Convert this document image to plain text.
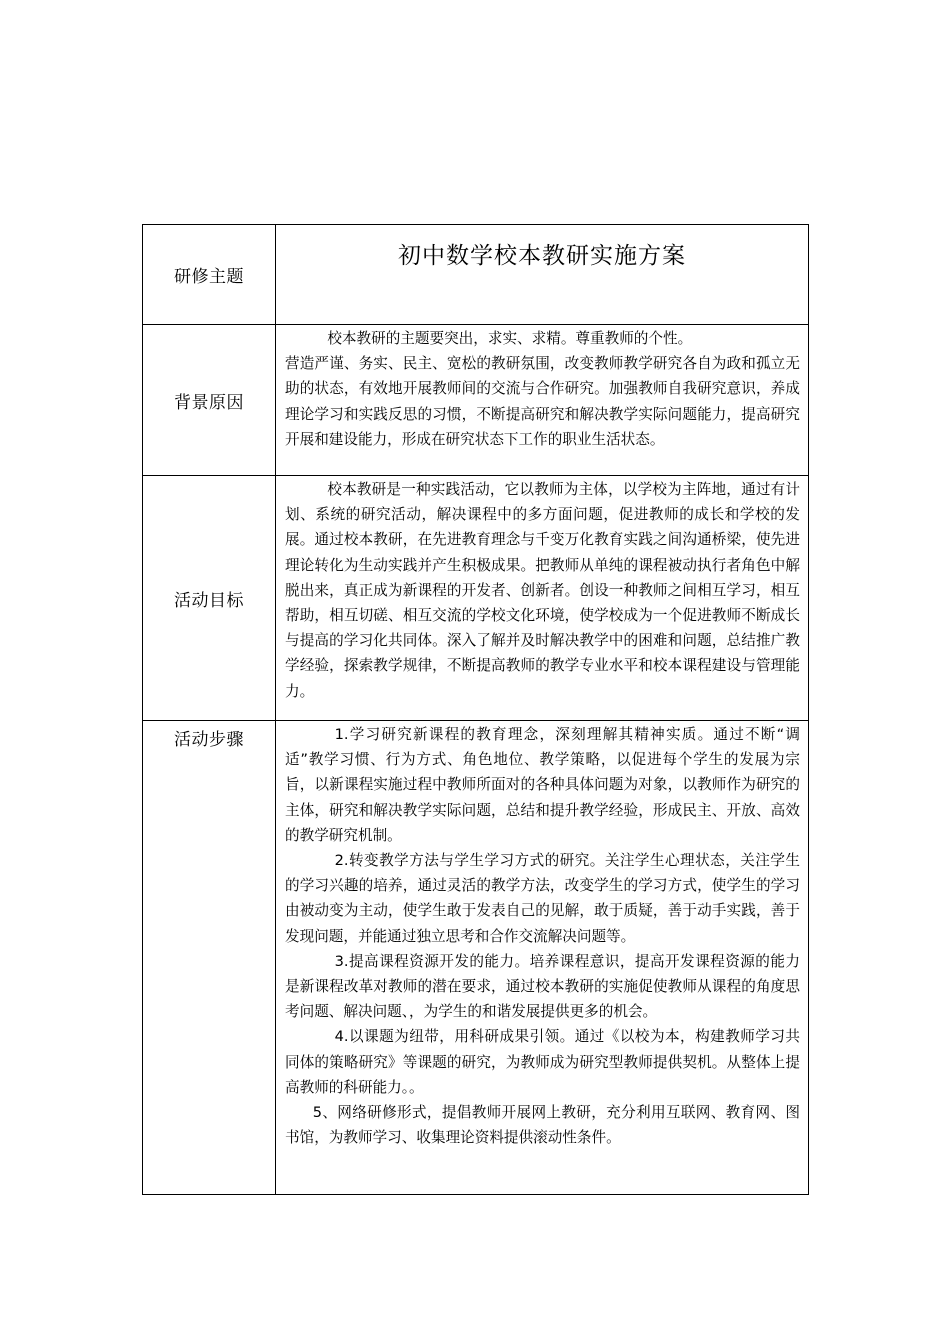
研修主题	初中数学校本教研实施方案

背景原因	校本教研的主题要突出，求实、求精。尊重教师的个性。

营造严谨、务实、民主、宽松的教研氛围，改变教师教学研究各自为政和孤立无助的状态，有效地开展教师间的交流与合作研究。加强教师自我研究意识，养成理论学习和实践反思的习惯，不断提高研究和解决教学实际问题能力，提高研究开展和建设能力，形成在研究状态下工作的职业生活状态。

活动目标	校本教研是一种实践活动，它以教师为主体，以学校为主阵地，通过有计划、系统的研究活动，解决课程中的多方面问题，促进教师的成长和学校的发展。通过校本教研，在先进教育理念与千变万化教育实践之间沟通桥梁，使先进理论转化为生动实践并产生积极成果。把教师从单纯的课程被动执行者角色中解脱出来，真正成为新课程的开发者、创新者。创设一种教师之间相互学习，相互帮助，相互切磋、相互交流的学校文化环境，使学校成为一个促进教师不断成长与提高的学习化共同体。深入了解并及时解决教学中的困难和问题，总结推广教学经验，探索教学规律，不断提高教师的教学专业水平和校本课程建设与管理能力。

活动步骤	1.学习研究新课程的教育理念，深刻理解其精神实质。通过不断“调适”教学习惯、行为方式、角色地位、教学策略，以促进每个学生的发展为宗旨，以新课程实施过程中教师所面对的各种具体问题为对象，以教师作为研究的主体，研究和解决教学实际问题，总结和提升教学经验，形成民主、开放、高效的教学研究机制。

2.转变教学方法与学生学习方式的研究。关注学生心理状态，关注学生的学习兴趣的培养，通过灵活的教学方法，改变学生的学习方式，使学生的学习由被动变为主动，使学生敢于发表自己的见解，敢于质疑，善于动手实践，善于发现问题，并能通过独立思考和合作交流解决问题等。

3.提高课程资源开发的能力。培养课程意识，提高开发课程资源的能力是新课程改革对教师的潜在要求，通过校本教研的实施促使教师从课程的角度思考问题、解决问题、，为学生的和谐发展提供更多的机会。

4.以课题为纽带，用科研成果引领。通过《以校为本，构建教师学习共同体的策略研究》等课题的研究，为教师成为研究型教师提供契机。从整体上提高教师的科研能力。。

5、网络研修形式，提倡教师开展网上教研，充分利用互联网、教育网、图书馆，为教师学习、收集理论资料提供滚动性条件。
